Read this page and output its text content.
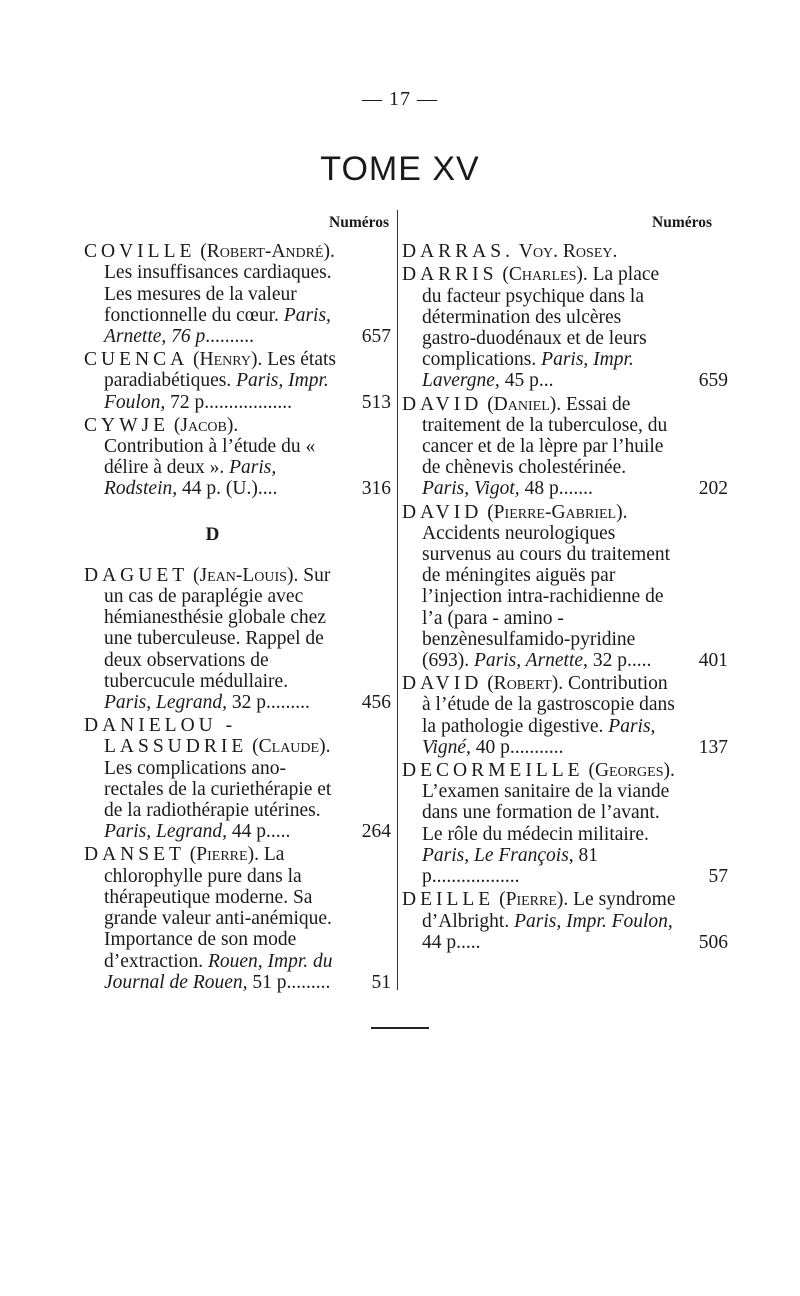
— 17 —
TOME XV
Numéros
COVILLE (Robert-André). Les insuffisances cardiaques. Les mesures de la valeur fonctionnelle du cœur. Paris, Arnette, 76 p..........	657
CUENCA (Henry). Les états paradiabétiques. Paris, Impr. Foulon, 72 p..................	513
CYWJE (Jacob). Contribution à l’étude du « délire à deux ». Paris, Rodstein, 44 p. (U.)....	316
D
DAGUET (Jean-Louis). Sur un cas de paraplégie avec hémianesthésie globale chez une tuberculeuse. Rappel de deux observations de tubercucule médullaire. Paris, Legrand, 32 p.........	456
DANIELOU - LASSUDRIE (Claude). Les complications ano-rectales de la curiethérapie et de la radiothérapie utérines. Paris, Legrand, 44 p.....	264
DANSET (Pierre). La chlorophylle pure dans la thérapeutique moderne. Sa grande valeur anti-anémique. Importance de son mode d’extraction. Rouen, Impr. du Journal de Rouen, 51 p.........	51
Numéros
DARRAS. Voy. Rosey.
DARRIS (Charles). La place du facteur psychique dans la détermination des ulcères gastro-duodénaux et de leurs complications. Paris, Impr. Lavergne, 45 p...	659
DAVID (Daniel). Essai de traitement de la tuberculose, du cancer et de la lèpre par l’huile de chènevis cholestérinée. Paris, Vigot, 48 p.......	202
DAVID (Pierre-Gabriel). Accidents neurologiques survenus au cours du traitement de méningites aiguës par l’injection intra-rachidienne de l’a (para - amino - benzènesulfamido-pyridine (693). Paris, Arnette, 32 p.....	401
DAVID (Robert). Contribution à l’étude de la gastroscopie dans la pathologie digestive. Paris, Vigné, 40 p...........	137
DECORMEILLE (Georges). L’examen sanitaire de la viande dans une formation de l’avant. Le rôle du médecin militaire. Paris, Le François, 81 p..................	57
DEILLE (Pierre). Le syndrome d’Albright. Paris, Impr. Foulon, 44 p.....	506
